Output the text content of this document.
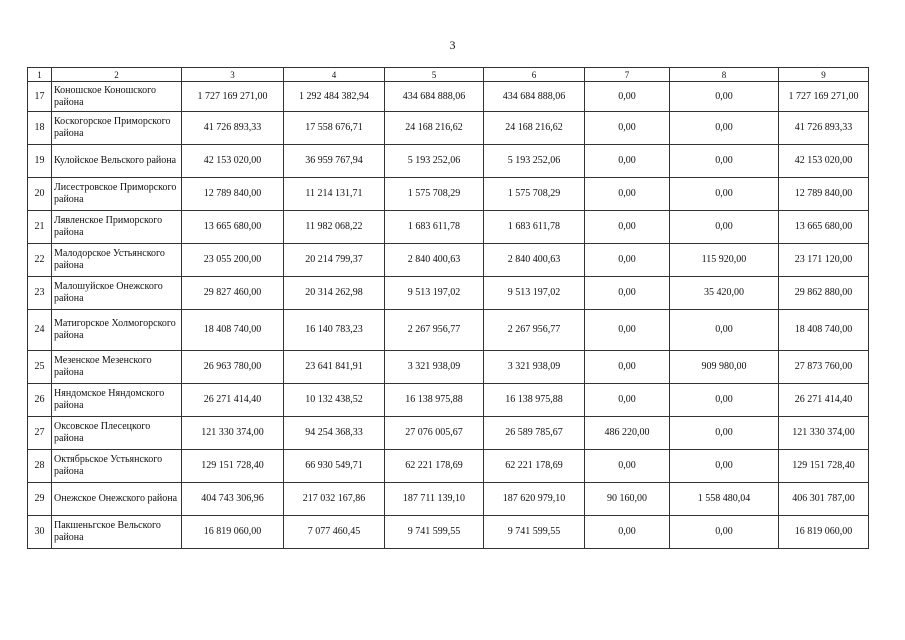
3
1	2	3	4	5	6	7	8	9
17	Коношское Коношского района	1 727 169 271,00	1 292 484 382,94	434 684 888,06	434 684 888,06	0,00	0,00	1 727 169 271,00
18	Коскогорское Приморского района	41 726 893,33	17 558 676,71	24 168 216,62	24 168 216,62	0,00	0,00	41 726 893,33
19	Кулойское Вельского района	42 153 020,00	36 959 767,94	5 193 252,06	5 193 252,06	0,00	0,00	42 153 020,00
20	Лисестровское Приморского района	12 789 840,00	11 214 131,71	1 575 708,29	1 575 708,29	0,00	0,00	12 789 840,00
21	Лявленское Приморского района	13 665 680,00	11 982 068,22	1 683 611,78	1 683 611,78	0,00	0,00	13 665 680,00
22	Малодорское Устьянского района	23 055 200,00	20 214 799,37	2 840 400,63	2 840 400,63	0,00	115 920,00	23 171 120,00
23	Малошуйское Онежского района	29 827 460,00	20 314 262,98	9 513 197,02	9 513 197,02	0,00	35 420,00	29 862 880,00
24	Матигорское Холмогорского района	18 408 740,00	16 140 783,23	2 267 956,77	2 267 956,77	0,00	0,00	18 408 740,00
25	Мезенское Мезенского района	26 963 780,00	23 641 841,91	3 321 938,09	3 321 938,09	0,00	909 980,00	27 873 760,00
26	Няндомское Няндомского района	26 271 414,40	10 132 438,52	16 138 975,88	16 138 975,88	0,00	0,00	26 271 414,40
27	Оксовское Плесецкого района	121 330 374,00	94 254 368,33	27 076 005,67	26 589 785,67	486 220,00	0,00	121 330 374,00
28	Октябрьское Устьянского района	129 151 728,40	66 930 549,71	62 221 178,69	62 221 178,69	0,00	0,00	129 151 728,40
29	Онежское Онежского района	404 743 306,96	217 032 167,86	187 711 139,10	187 620 979,10	90 160,00	1 558 480,04	406 301 787,00
30	Пакшеньгское Вельского района	16 819 060,00	7 077 460,45	9 741 599,55	9 741 599,55	0,00	0,00	16 819 060,00
